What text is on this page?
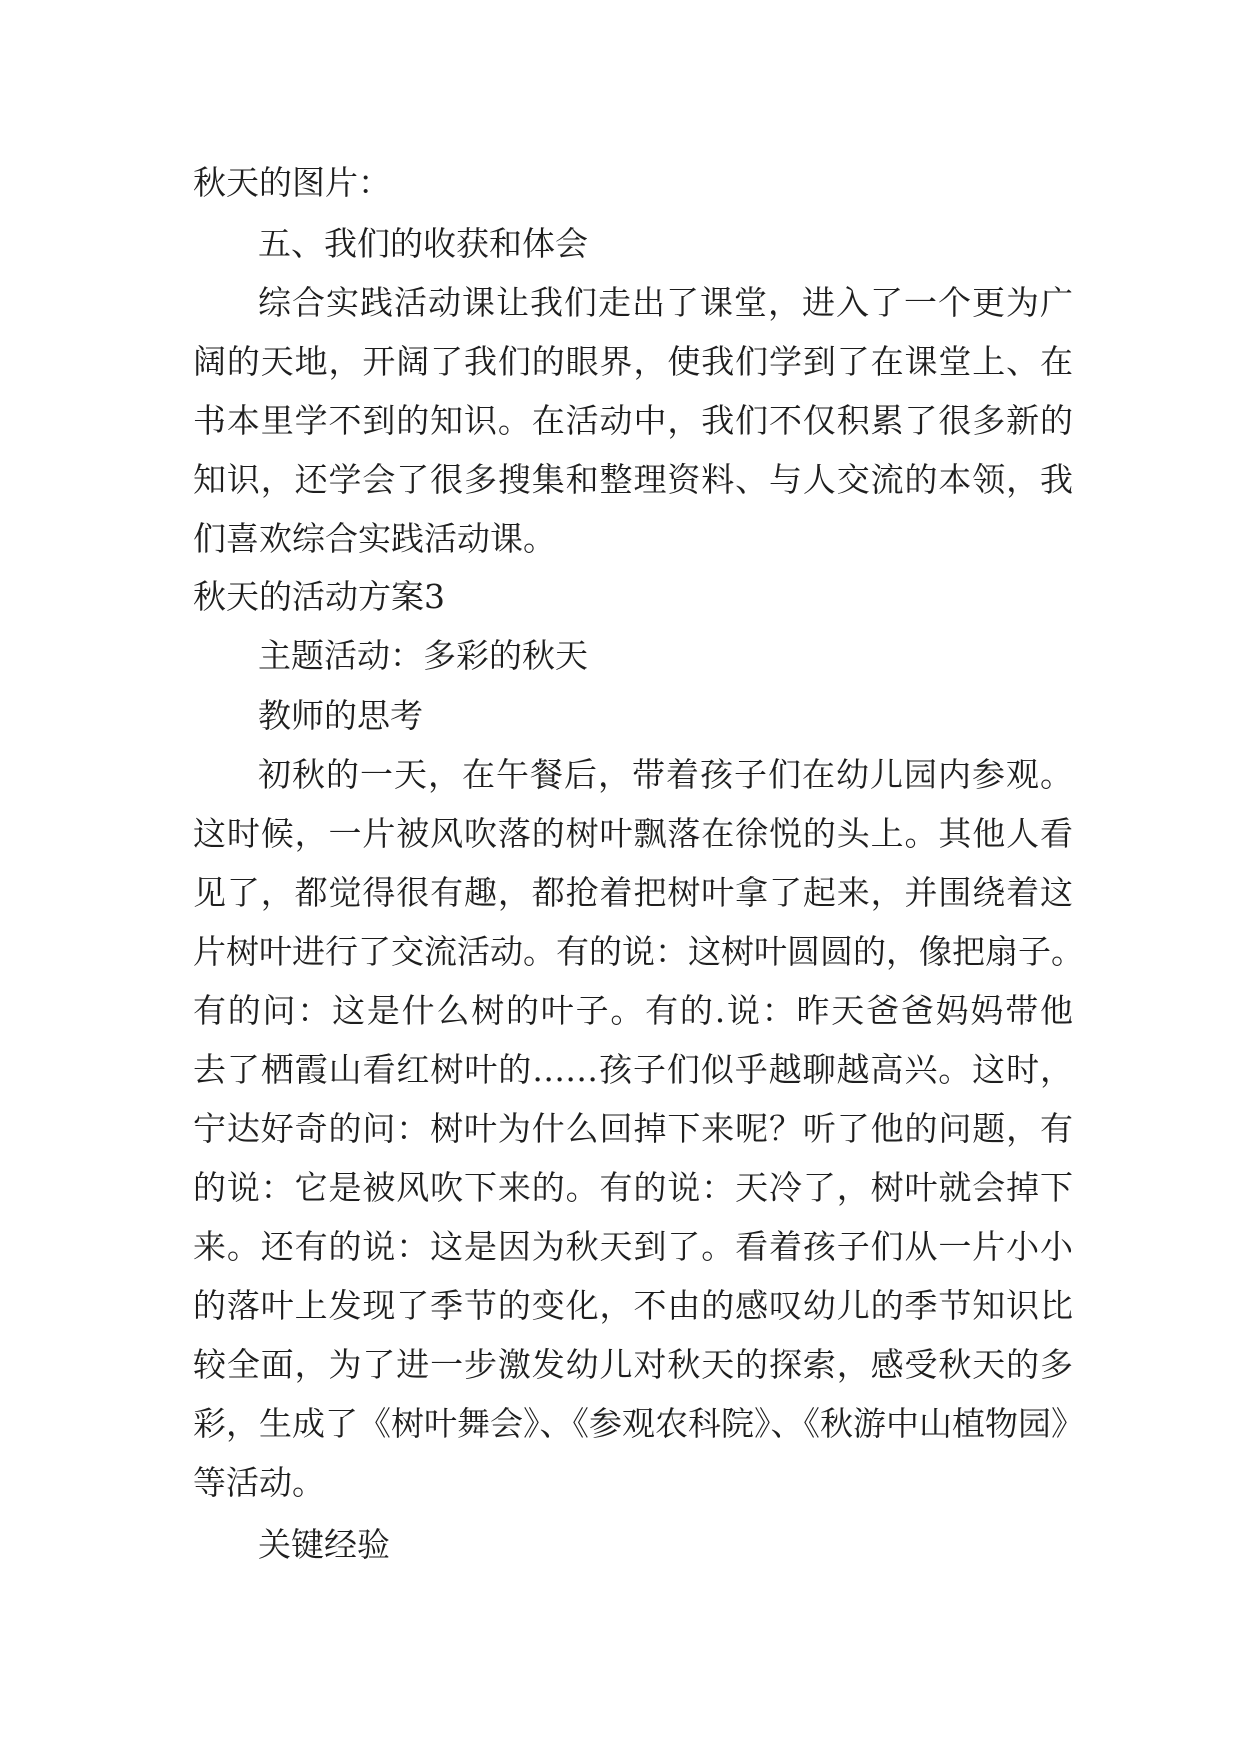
秋天的图片：

五、我们的收获和体会

综合实践活动课让我们走出了课堂，进入了一个更为广

阔的天地，开阔了我们的眼界，使我们学到了在课堂上、在

书本里学不到的知识。在活动中，我们不仅积累了很多新的

知识，还学会了很多搜集和整理资料、与人交流的本领，我

们喜欢综合实践活动课。

秋天的活动方案3

主题活动：多彩的秋天

教师的思考

初秋的一天，在午餐后，带着孩子们在幼儿园内参观。

这时候，一片被风吹落的树叶飘落在徐悦的头上。其他人看

见了，都觉得很有趣，都抢着把树叶拿了起来，并围绕着这

片树叶进行了交流活动。有的说：这树叶圆圆的，像把扇子。

有的问：这是什么树的叶子。有的.说：昨天爸爸妈妈带他

去了栖霞山看红树叶的……孩子们似乎越聊越高兴。这时，

宁达好奇的问：树叶为什么回掉下来呢？听了他的问题，有

的说：它是被风吹下来的。有的说：天冷了，树叶就会掉下

来。还有的说：这是因为秋天到了。看着孩子们从一片小小

的落叶上发现了季节的变化，不由的感叹幼儿的季节知识比

较全面，为了进一步激发幼儿对秋天的探索，感受秋天的多

彩，生成了《树叶舞会》、《参观农科院》、《秋游中山植物园》

等活动。

关键经验
